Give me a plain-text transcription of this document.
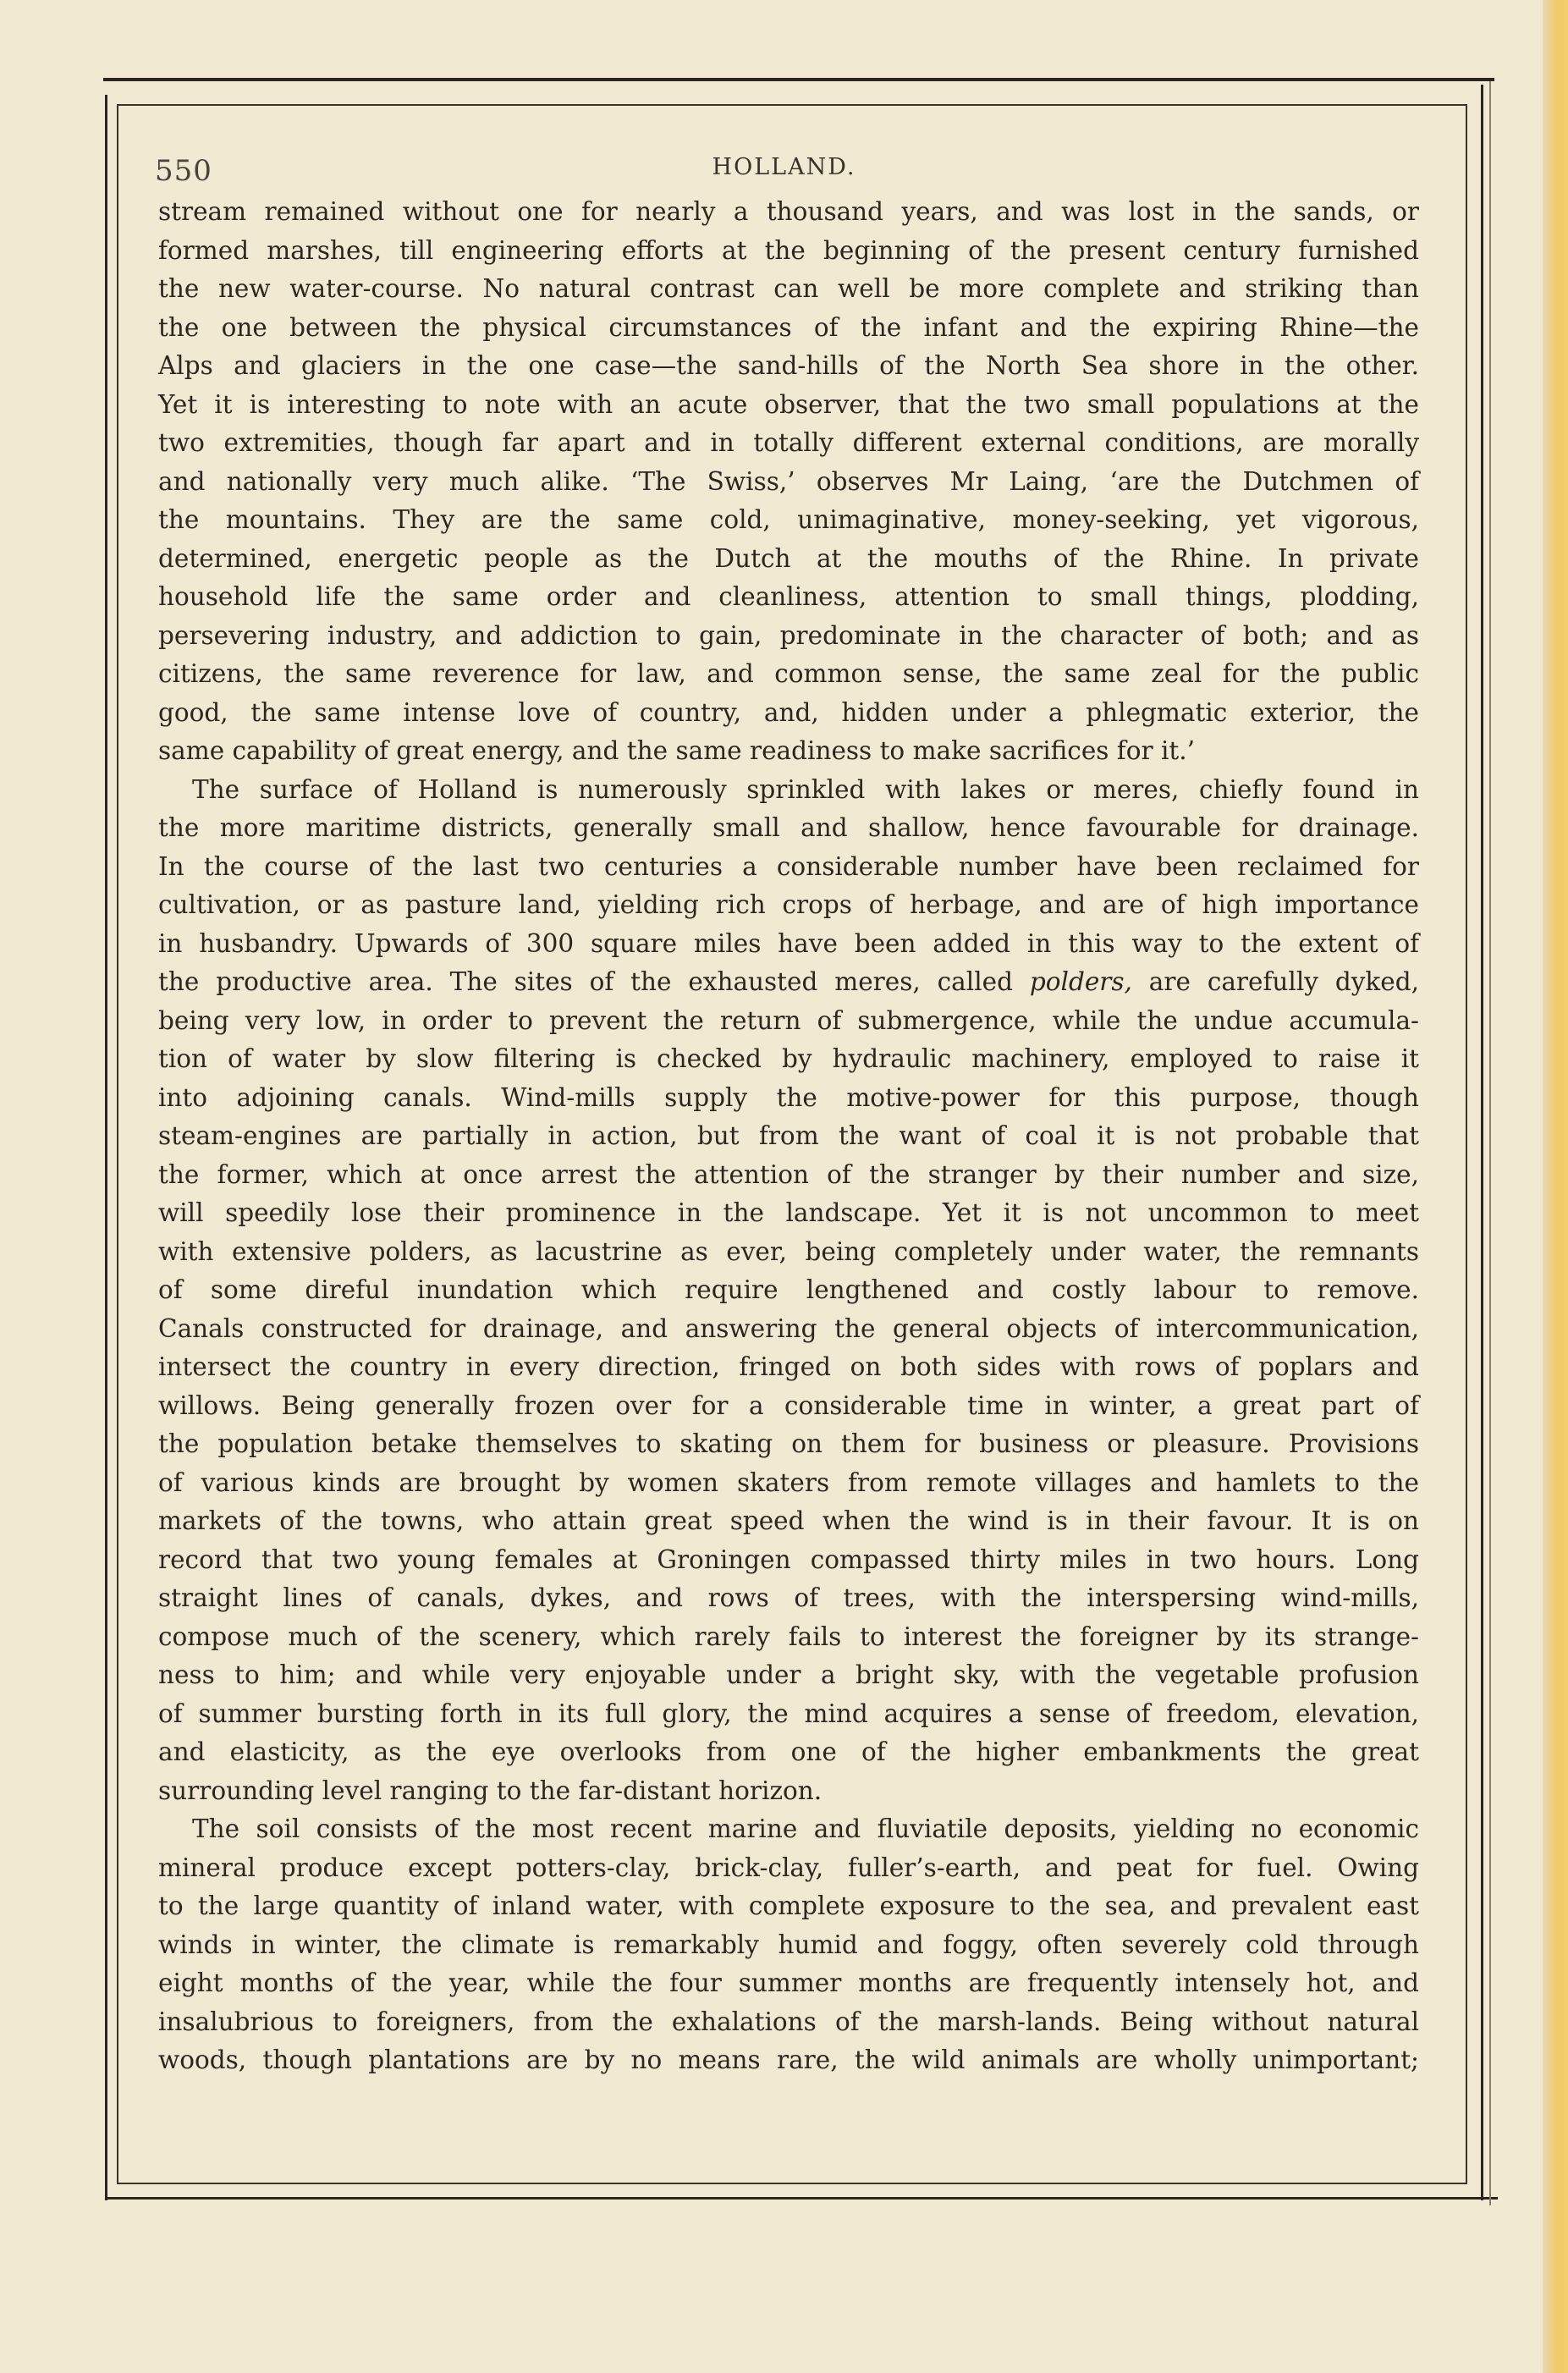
550	HOLLAND.
stream remained without one for nearly a thousand years, and was lost in the sands, or
formed marshes, till engineering efforts at the beginning of the present century furnished
the new water-course. No natural contrast can well be more complete and striking than
the one between the physical circumstances of the infant and the expiring Rhine—the
Alps and glaciers in the one case—the sand-hills of the North Sea shore in the other.
Yet it is interesting to note with an acute observer, that the two small populations at the
two extremities, though far apart and in totally different external conditions, are morally
and nationally very much alike. ‘The Swiss,’ observes Mr Laing, ‘are the Dutchmen of
the mountains. They are the same cold, unimaginative, money-seeking, yet vigorous,
determined, energetic people as the Dutch at the mouths of the Rhine. In private
household life the same order and cleanliness, attention to small things, plodding,
persevering industry, and addiction to gain, predominate in the character of both; and as
citizens, the same reverence for law, and common sense, the same zeal for the public
good, the same intense love of country, and, hidden under a phlegmatic exterior, the
same capability of great energy, and the same readiness to make sacrifices for it.’
The surface of Holland is numerously sprinkled with lakes or meres, chiefly found in
the more maritime districts, generally small and shallow, hence favourable for drainage.
In the course of the last two centuries a considerable number have been reclaimed for
cultivation, or as pasture land, yielding rich crops of herbage, and are of high importance
in husbandry. Upwards of 300 square miles have been added in this way to the extent of
the productive area. The sites of the exhausted meres, called polders, are carefully dyked,
being very low, in order to prevent the return of submergence, while the undue accumula-
tion of water by slow filtering is checked by hydraulic machinery, employed to raise it
into adjoining canals. Wind-mills supply the motive-power for this purpose, though
steam-engines are partially in action, but from the want of coal it is not probable that
the former, which at once arrest the attention of the stranger by their number and size,
will speedily lose their prominence in the landscape. Yet it is not uncommon to meet
with extensive polders, as lacustrine as ever, being completely under water, the remnants
of some direful inundation which require lengthened and costly labour to remove.
Canals constructed for drainage, and answering the general objects of intercommunication,
intersect the country in every direction, fringed on both sides with rows of poplars and
willows. Being generally frozen over for a considerable time in winter, a great part of
the population betake themselves to skating on them for business or pleasure. Provisions
of various kinds are brought by women skaters from remote villages and hamlets to the
markets of the towns, who attain great speed when the wind is in their favour. It is on
record that two young females at Groningen compassed thirty miles in two hours. Long
straight lines of canals, dykes, and rows of trees, with the interspersing wind-mills,
compose much of the scenery, which rarely fails to interest the foreigner by its strange-
ness to him; and while very enjoyable under a bright sky, with the vegetable profusion
of summer bursting forth in its full glory, the mind acquires a sense of freedom, elevation,
and elasticity, as the eye overlooks from one of the higher embankments the great
surrounding level ranging to the far-distant horizon.
The soil consists of the most recent marine and fluviatile deposits, yielding no economic
mineral produce except potters-clay, brick-clay, fuller’s-earth, and peat for fuel. Owing
to the large quantity of inland water, with complete exposure to the sea, and prevalent east
winds in winter, the climate is remarkably humid and foggy, often severely cold through
eight months of the year, while the four summer months are frequently intensely hot, and
insalubrious to foreigners, from the exhalations of the marsh-lands. Being without natural
woods, though plantations are by no means rare, the wild animals are wholly unimportant;
